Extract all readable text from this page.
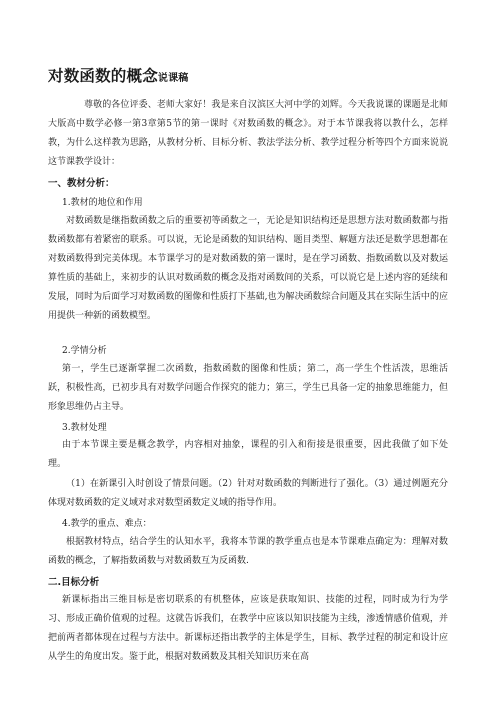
对数函数的概念说课稿
尊敬的各位评委、老师大家好！我是来自汉滨区大河中学的刘辉。今天我说课的课题是北师大版高中数学必修一第3章第5节的第一课时《对数函数的概念》。对于本节课我将以教什么，怎样教，为什么这样教为思路，从教材分析、目标分析、教法学法分析、教学过程分析等四个方面来说说这节课教学设计：
一、教材分析：
1.教材的地位和作用
对数函数是继指数函数之后的重要初等函数之一，无论是知识结构还是思想方法对数函数都与指数函数都有着紧密的联系。可以说，无论是函数的知识结构、题目类型、解题方法还是数学思想都在对数函数得到完美体现。本节课学习的是对数函数的第一课时，是在学习函数、指数函数以及对数运算性质的基础上，来初步的认识对数函数的概念及指对函数间的关系，可以说它是上述内容的延续和发展，同时为后面学习对数函数的图像和性质打下基础,也为解决函数综合问题及其在实际生活中的应用提供一种新的函数模型。
2.学情分析
第一，学生已逐渐掌握二次函数，指数函数的图像和性质；第二，高一学生个性活泼，思维活跃，积极性高，已初步具有对数学问题合作探究的能力；第三，学生已具备一定的抽象思维能力，但形象思维仍占主导。
3.教材处理
由于本节课主要是概念教学，内容相对抽象，课程的引入和衔接是很重要，因此我做了如下处理。
（1）在新课引入时创设了情景问题。（2）针对对数函数的判断进行了强化。（3）通过例题充分体现对数函数的定义域对求对数型函数定义域的指导作用。
4.教学的重点、难点：
根据教材特点，结合学生的认知水平，我将本节课的教学重点也是本节课难点确定为：理解对数函数的概念，了解指数函数与对数函数互为反函数.
二.目标分析
新课标指出三维目标是密切联系的有机整体，应该是获取知识、技能的过程，同时成为行为学习、形成正确价值观的过程。这就告诉我们，在教学中应该以知识技能为主线，渗透情感价值观，并把前两者都体现在过程与方法中。新课标还指出教学的主体是学生，目标、教学过程的制定和设计应从学生的角度出发。鉴于此，根据对数函数及其相关知识历来在高
